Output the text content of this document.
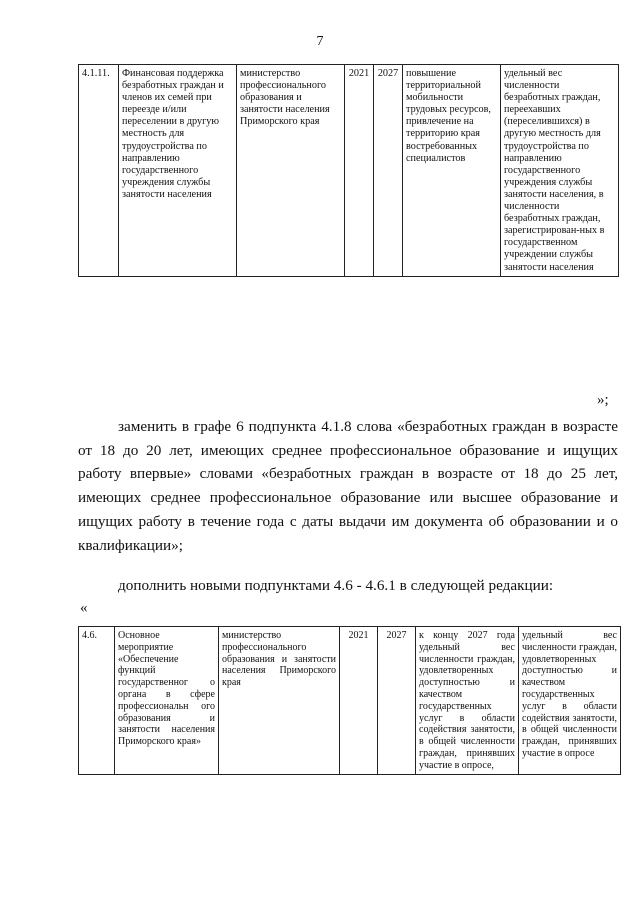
7
4.1.11.	Финансовая поддержка безработных граждан и членов их семей при переезде и/или переселении в другую местность для трудоустройства по направлению государственного учреждения службы занятости населения	министерство профессионального образования и занятости населения Приморского края	2021	2027	повышение территориальной мобильности трудовых ресурсов, привлечение на территорию края востребованных специалистов	удельный вес численности безработных граждан, переехавших (переселившихся) в другую местность для трудоустройства по направлению государственного учреждения службы занятости населения, в численности безработных граждан, зарегистрирован-ных в государственном учреждении службы занятости населения
»;
заменить в графе 6 подпункта 4.1.8 слова «безработных граждан в возрасте от 18 до 20 лет, имеющих среднее профессиональное образование и ищущих работу впервые» словами «безработных граждан в возрасте от 18 до 25 лет, имеющих среднее профессиональное образование или высшее образование и ищущих работу в течение года с даты выдачи им документа об образовании и о квалификации»;
дополнить новыми подпунктами 4.6 - 4.6.1 в следующей редакции:
«
4.6.	Основное мероприятие «Обеспечение функций государственног о органа в сфере профессиональн ого образования и занятости населения Приморского края»	министерство профессионального образования и занятости населения Приморского края	2021	2027	к концу 2027 года удельный вес численности граждан, удовлетворенных доступностью и качеством государственных услуг в области содействия занятости, в общей численности граждан, принявших участие в опросе,	удельный вес численности граждан, удовлетворенных доступностью и качеством государственных услуг в области содействия занятости, в общей численности граждан, принявших участие в опросе
